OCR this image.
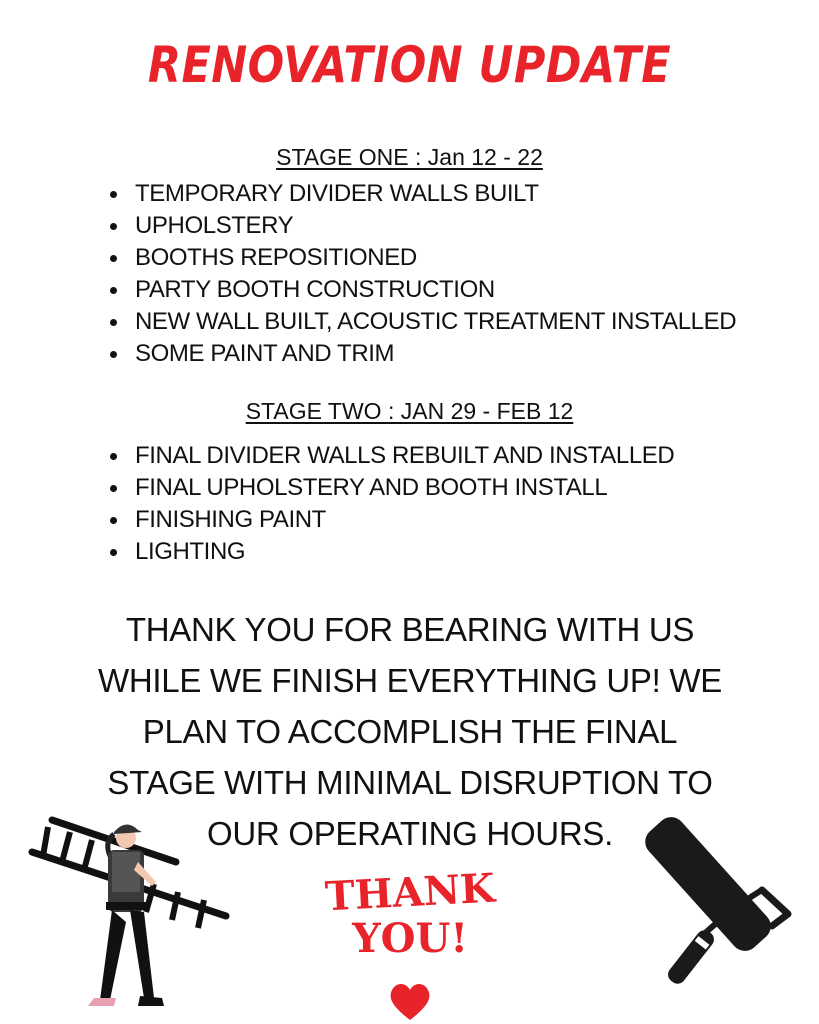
RENOVATION UPDATE
STAGE ONE : Jan 12 - 22
TEMPORARY DIVIDER WALLS BUILT
UPHOLSTERY
BOOTHS REPOSITIONED
PARTY BOOTH CONSTRUCTION
NEW WALL BUILT, ACOUSTIC TREATMENT INSTALLED
SOME PAINT AND TRIM
STAGE TWO : JAN 29 - FEB 12
FINAL DIVIDER WALLS REBUILT AND INSTALLED
FINAL UPHOLSTERY AND BOOTH INSTALL
FINISHING PAINT
LIGHTING
THANK YOU FOR BEARING WITH US
WHILE WE FINISH EVERYTHING UP! WE
PLAN TO ACCOMPLISH THE FINAL
STAGE WITH MINIMAL DISRUPTION TO
OUR OPERATING HOURS.
THANK
YOU!
